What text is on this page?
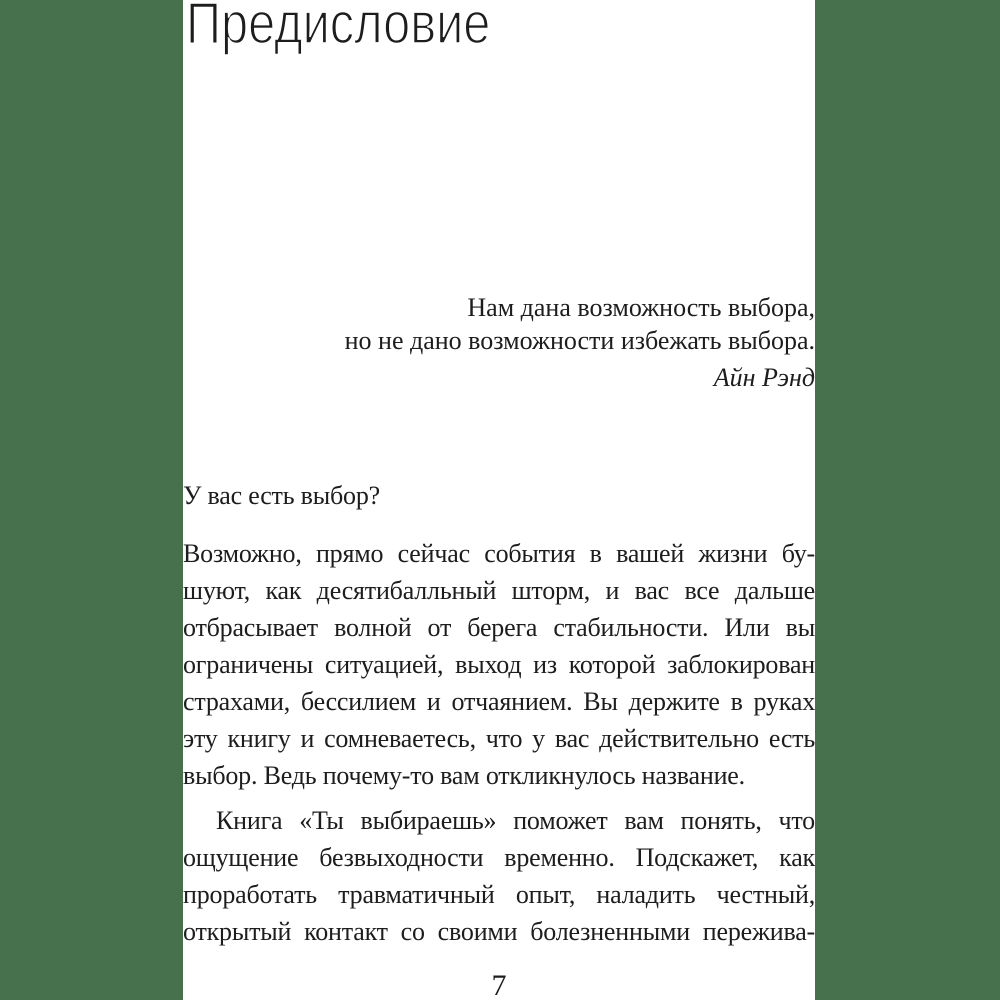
Предисловие
Нам дана возможность выбора,
но не дано возможности избежать выбора.
Айн Рэнд
У вас есть выбор?
Возможно, прямо сейчас события в вашей жизни бу-
шуют, как десятибалльный шторм, и вас все дальше
отбрасывает волной от берега стабильности. Или вы
ограничены ситуацией, выход из которой заблокирован
страхами, бессилием и отчаянием. Вы держите в руках
эту книгу и сомневаетесь, что у вас действительно есть
выбор. Ведь почему-то вам откликнулось название.
Книга «Ты выбираешь» поможет вам понять, что
ощущение безвыходности временно. Подскажет, как
проработать травматичный опыт, наладить честный,
открытый контакт со своими болезненными пережива-
7
